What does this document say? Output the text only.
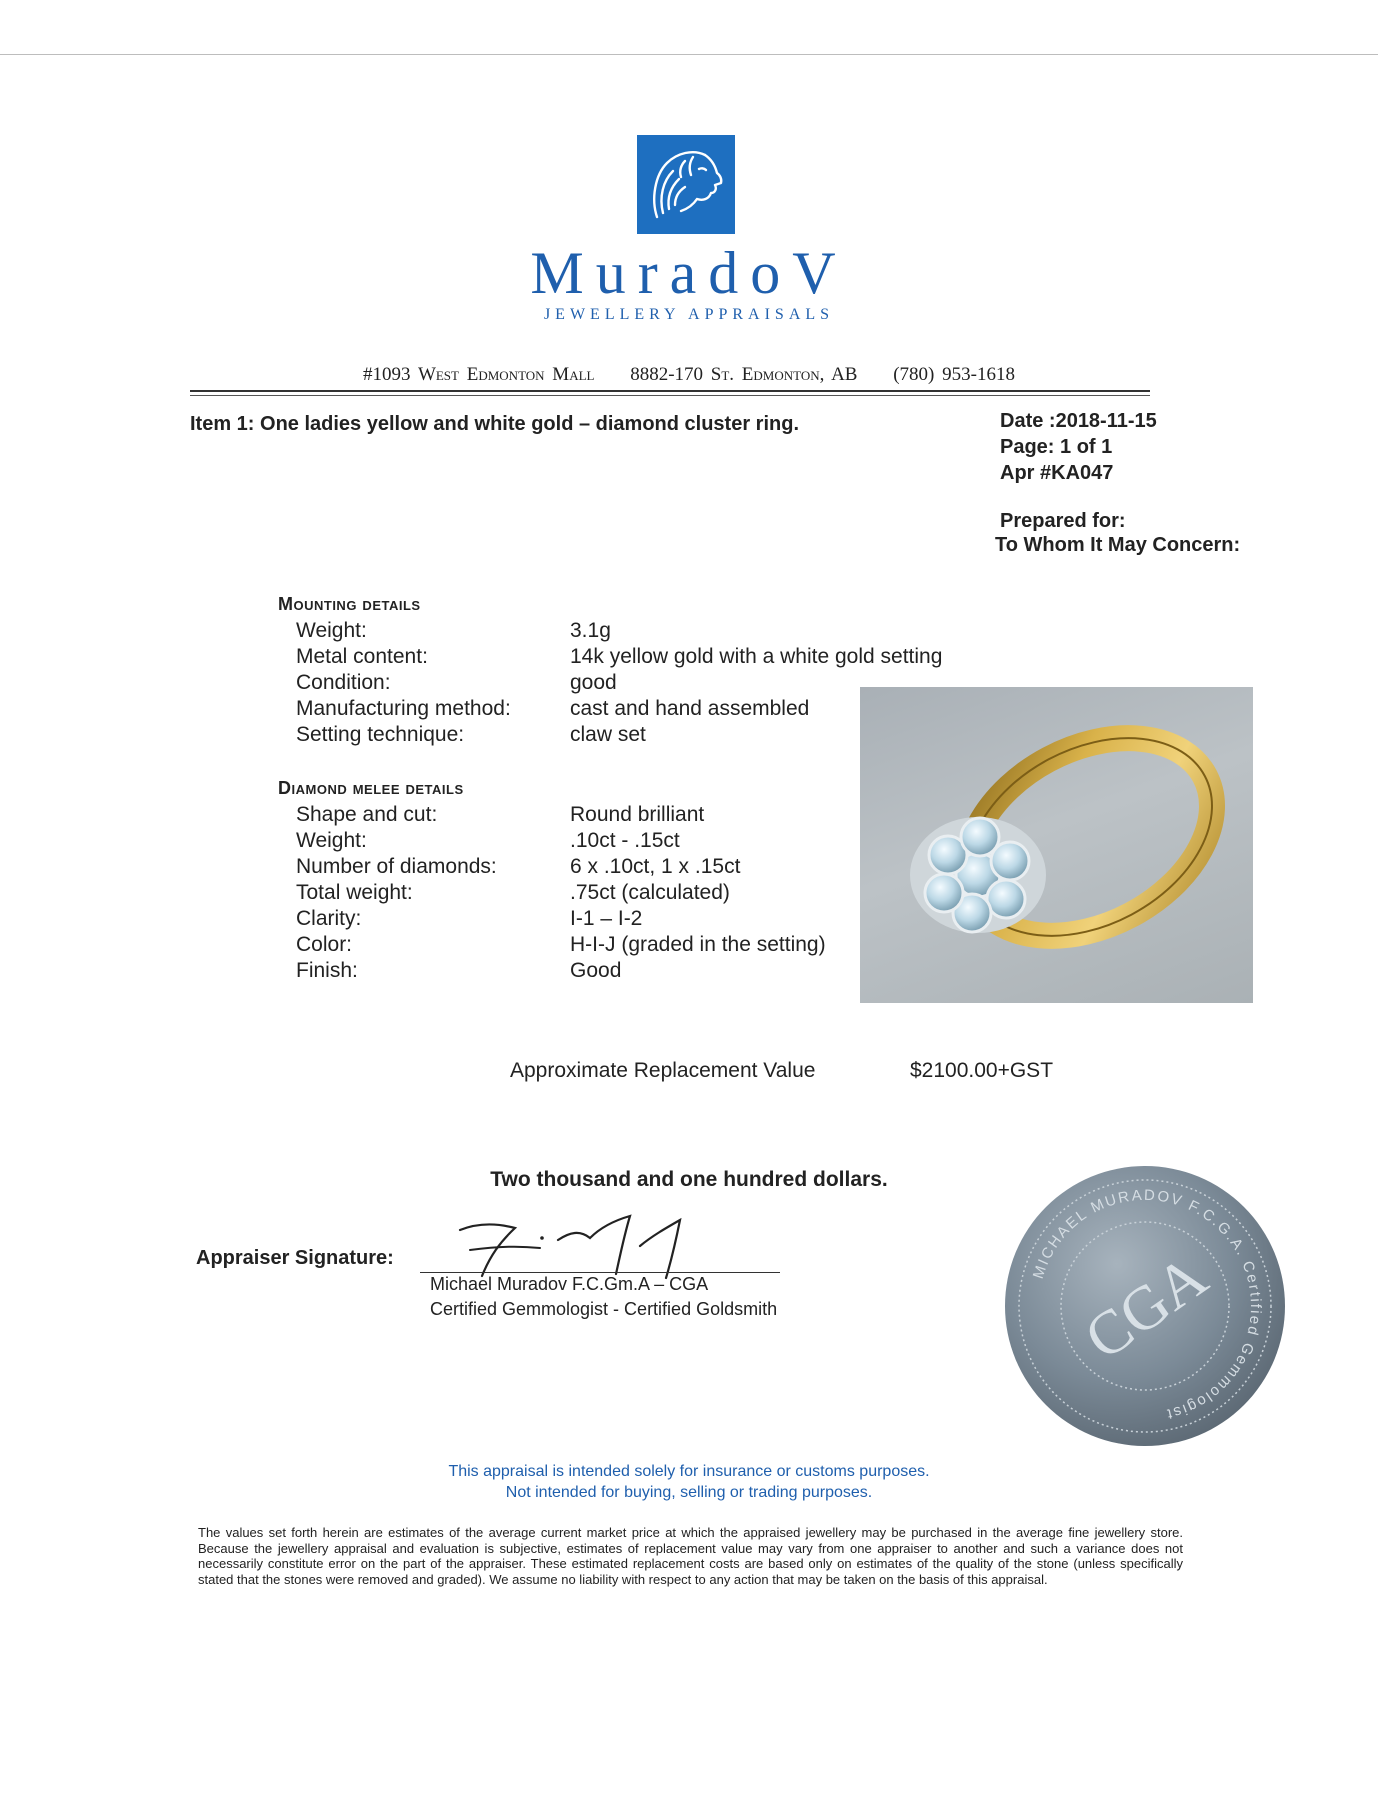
MuradoV
JEWELLERY APPRAISALS
#1093 West Edmonton Mall 8882-170 St. Edmonton, AB (780) 953-1618
Item 1: One ladies yellow and white gold – diamond cluster ring.	Date :2018-11-15
Page: 1 of 1
Apr #KA047
Prepared for:
To Whom It May Concern:
Mounting details
Weight:	3.1g
Metal content:	14k yellow gold with a white gold setting
Condition:	good
Manufacturing method:	cast and hand assembled
Setting technique:	claw set
Diamond melee details
Shape and cut:	Round brilliant
Weight:	.10ct - .15ct
Number of diamonds:	6 x .10ct, 1 x .15ct
Total weight:	.75ct (calculated)
Clarity:	I-1 – I-2
Color:	H-I-J (graded in the setting)
Finish:	Good
Approximate Replacement Value	$2100.00+GST
Two thousand and one hundred dollars.
Appraiser Signature:
Michael Muradov F.C.Gm.A – CGA
Certified Gemmologist - Certified Goldsmith
MICHAEL MURADOV F.C.G.A. Certified Gemmologist
CGA
This appraisal is intended solely for insurance or customs purposes.
Not intended for buying, selling or trading purposes.
The values set forth herein are estimates of the average current market price at which the appraised jewellery may be purchased in the average fine jewellery store. Because the jewellery appraisal and evaluation is subjective, estimates of replacement value may vary from one appraiser to another and such a variance does not necessarily constitute error on the part of the appraiser. These estimated replacement costs are based only on estimates of the quality of the stone (unless specifically stated that the stones were removed and graded). We assume no liability with respect to any action that may be taken on the basis of this appraisal.
